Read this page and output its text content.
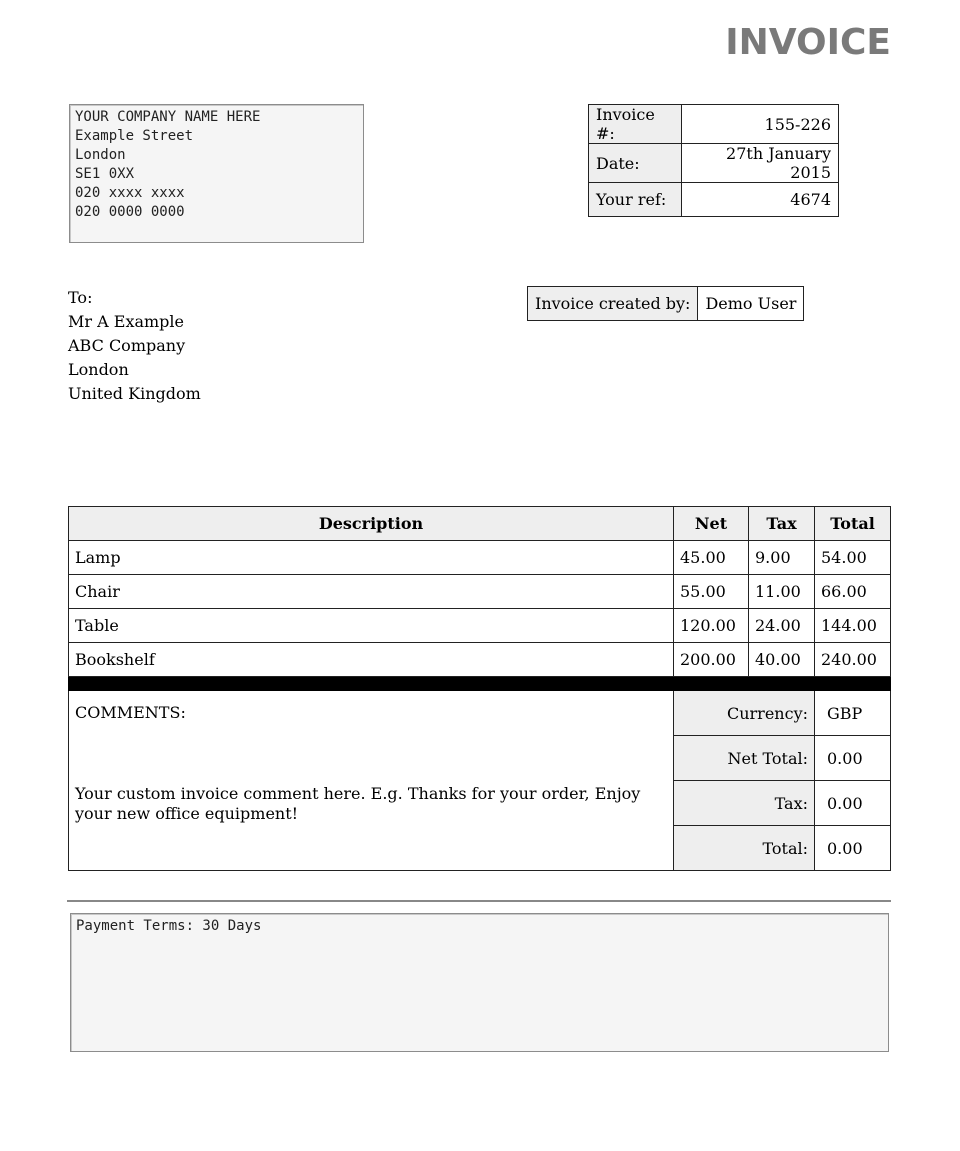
INVOICE
YOUR COMPANY NAME HERE
Example Street
London
SE1 0XX
020 xxxx xxxx
020 0000 0000
Invoice #:	155-226
Date:	27th January 2015
Your ref:	4674
To:
Mr A Example
ABC Company
London
United Kingdom
Invoice created by:	Demo User
Description	Net	Tax	Total
Lamp	45.00	9.00	54.00
Chair	55.00	11.00	66.00
Table	120.00	24.00	144.00
Bookshelf	200.00	40.00	240.00

COMMENTS:
Your custom invoice comment here. E.g. Thanks for your order, Enjoy your new office equipment!	Currency:		GBP
	Net Total:		0.00
	Tax:		0.00
	Total:		0.00
Payment Terms: 30 Days
